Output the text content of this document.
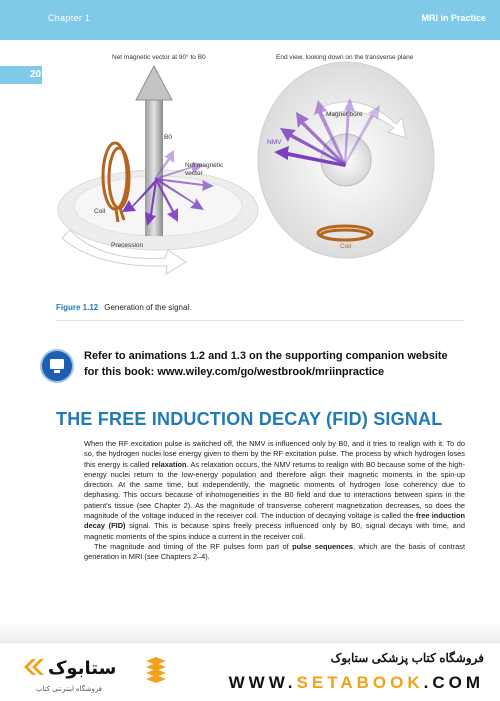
Chapter 1	MRI in Practice
20
Net magnetic vector at 90° to B0	End view, looking down on the transverse plane
B0
Net magnetic vector
Coil
Precession
Magnet bore
NMV
Coil
Figure 1.12 Generation of the signal.
Refer to animations 1.2 and 1.3 on the supporting companion website for this book: www.wiley.com/go/westbrook/mriinpractice
THE FREE INDUCTION DECAY (FID) SIGNAL

When the RF excitation pulse is switched off, the NMV is influenced only by B0, and it tries to realign with it. To do so, the hydrogen nuclei lose energy given to them by the RF excitation pulse. The process by which hydrogen loses this energy is called relaxation. As relaxation occurs, the NMV returns to realign with B0 because some of the high-energy nuclei return to the low-energy population and therefore align their magnetic moments in the spin-up direction. At the same time, but independently, the magnetic moments of hydrogen lose coherency due to dephasing. This occurs because of inhomogeneities in the B0 field and due to interactions between spins in the patient's tissue (see Chapter 2). As the magnitude of transverse coherent magnetization decreases, so does the magnitude of the voltage induced in the receiver coil. The induction of decaying voltage is called the free induction decay (FID) signal. This is because spins freely precess influenced only by B0, signal decays with time, and magnetic moments of the spins induce a current in the receiver coil.

The magnitude and timing of the RF pulses form part of pulse sequences, which are the basis of contrast generation in MRI (see Chapters 2–4).

ستابوک
فروشگاه اینترنتی کتاب
فروشگاه کتاب پزشکی ستابوک
WWW.SETABOOK.COM
